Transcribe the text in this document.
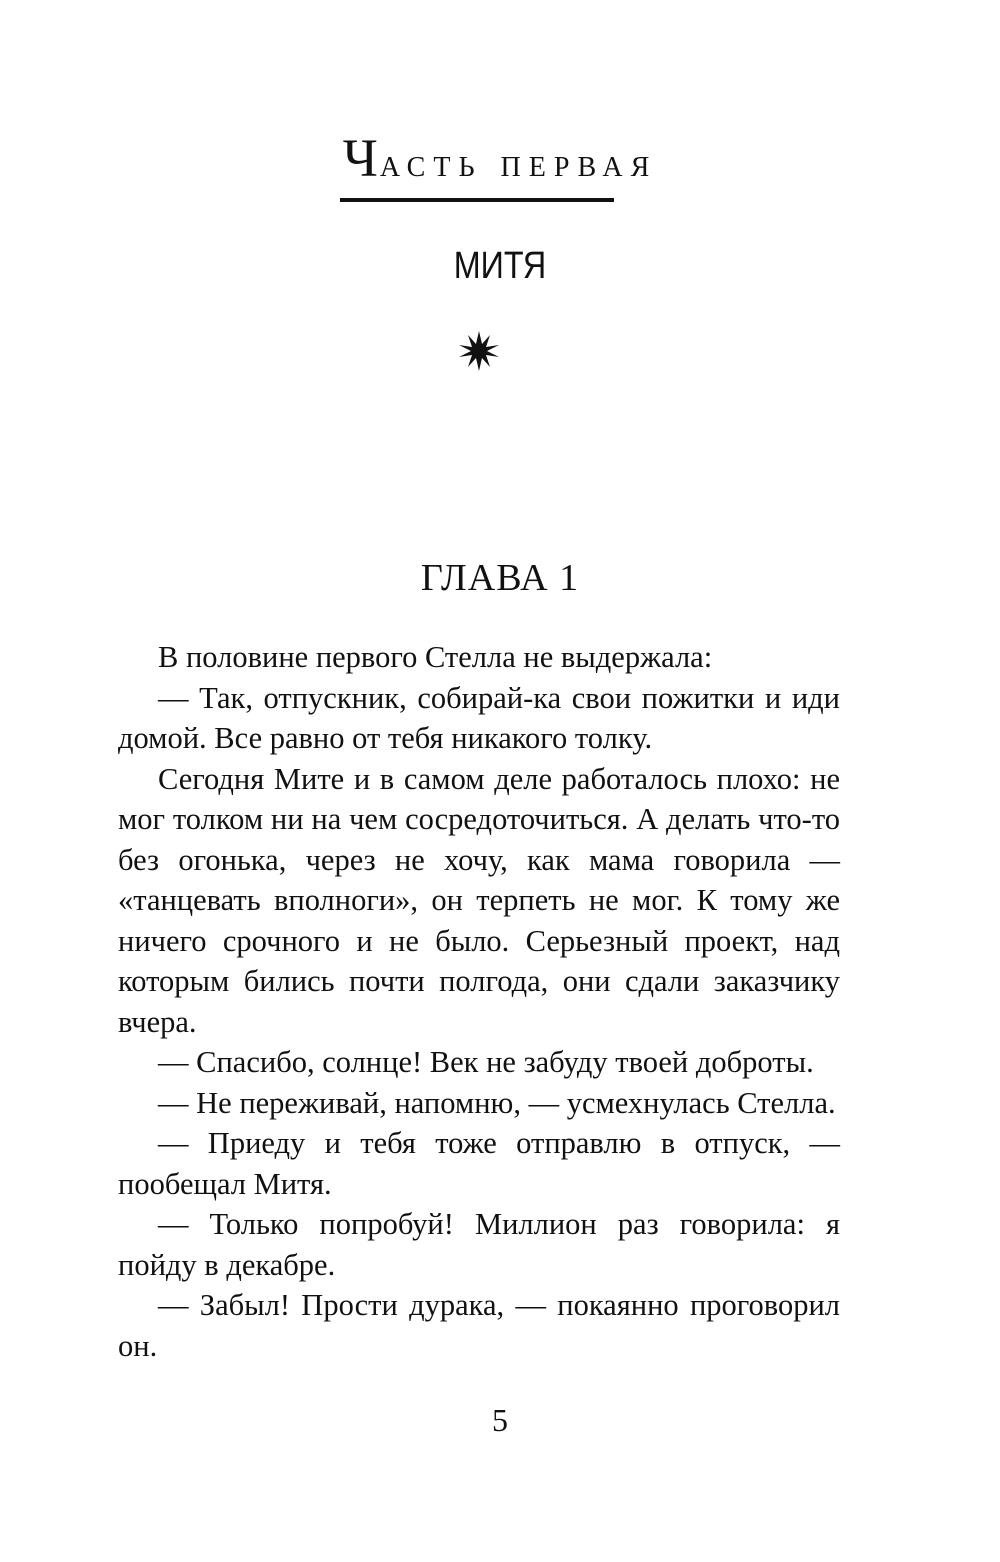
Часть первая
МИТЯ
ГЛАВА 1

В половине первого Стелла не выдержала:

— Так, отпускник, собирай-ка свои пожитки и иди домой. Все равно от тебя никакого толку.

Сегодня Мите и в самом деле работалось плохо: не мог толком ни на чем сосредоточиться. А делать что-то без огонька, через не хочу, как мама говорила — «танцевать вполноги», он терпеть не мог. К тому же ничего срочного и не было. Серьезный проект, над которым бились почти полгода, они сдали заказчику вчера.

— Спасибо, солнце! Век не забуду твоей доброты.

— Не переживай, напомню, — усмехнулась Стелла.

— Приеду и тебя тоже отправлю в отпуск, — пообещал Митя.

— Только попробуй! Миллион раз говорила: я пойду в декабре.

— Забыл! Прости дурака, — покаянно проговорил он.

5
